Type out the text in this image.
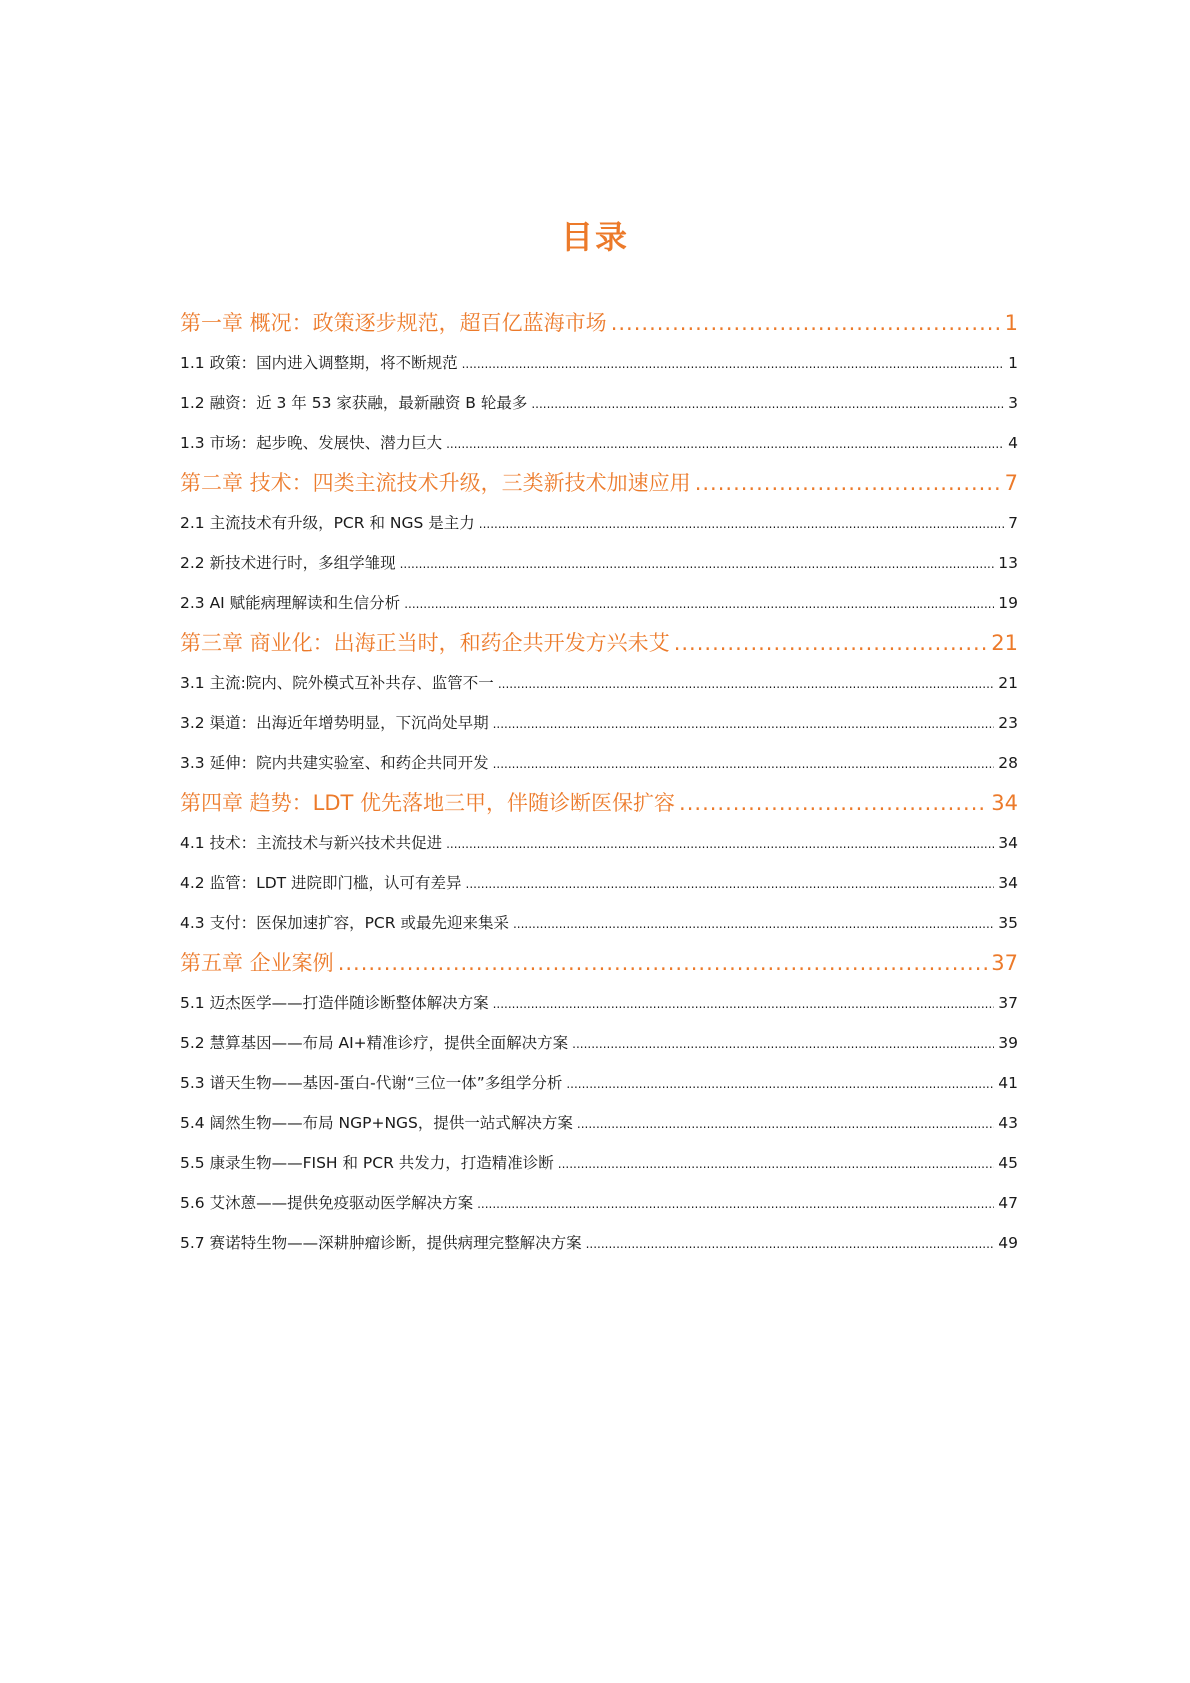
目录
第一章 概况：政策逐步规范，超百亿蓝海市场 .....	1
1.1 政策：国内进入调整期，将不断规范 .....	1
1.2 融资：近 3 年 53 家获融，最新融资 B 轮最多 .....	3
1.3 市场：起步晚、发展快、潜力巨大 .....	4
第二章 技术：四类主流技术升级，三类新技术加速应用 .....	7
2.1 主流技术有升级，PCR 和 NGS 是主力 .....	7
2.2 新技术进行时，多组学雏现 .....	13
2.3 AI 赋能病理解读和生信分析 .....	19
第三章 商业化：出海正当时，和药企共开发方兴未艾 .....	21
3.1 主流:院内、院外模式互补共存、监管不一 .....	21
3.2 渠道：出海近年增势明显，下沉尚处早期 .....	23
3.3 延伸：院内共建实验室、和药企共同开发 .....	28
第四章 趋势：LDT 优先落地三甲，伴随诊断医保扩容 .....	34
4.1 技术：主流技术与新兴技术共促进 .....	34
4.2 监管：LDT 进院即门槛，认可有差异 .....	34
4.3 支付：医保加速扩容，PCR 或最先迎来集采 .....	35
第五章 企业案例 .....	37
5.1 迈杰医学——打造伴随诊断整体解决方案 .....	37
5.2 慧算基因——布局 AI+精准诊疗，提供全面解决方案 .....	39
5.3 谱天生物——基因-蛋白-代谢“三位一体”多组学分析 .....	41
5.4 阔然生物——布局 NGP+NGS，提供一站式解决方案 .....	43
5.5 康录生物——FISH 和 PCR 共发力，打造精准诊断 .....	45
5.6 艾沐蒽——提供免疫驱动医学解决方案 .....	47
5.7 赛诺特生物——深耕肿瘤诊断，提供病理完整解决方案 .....	49
